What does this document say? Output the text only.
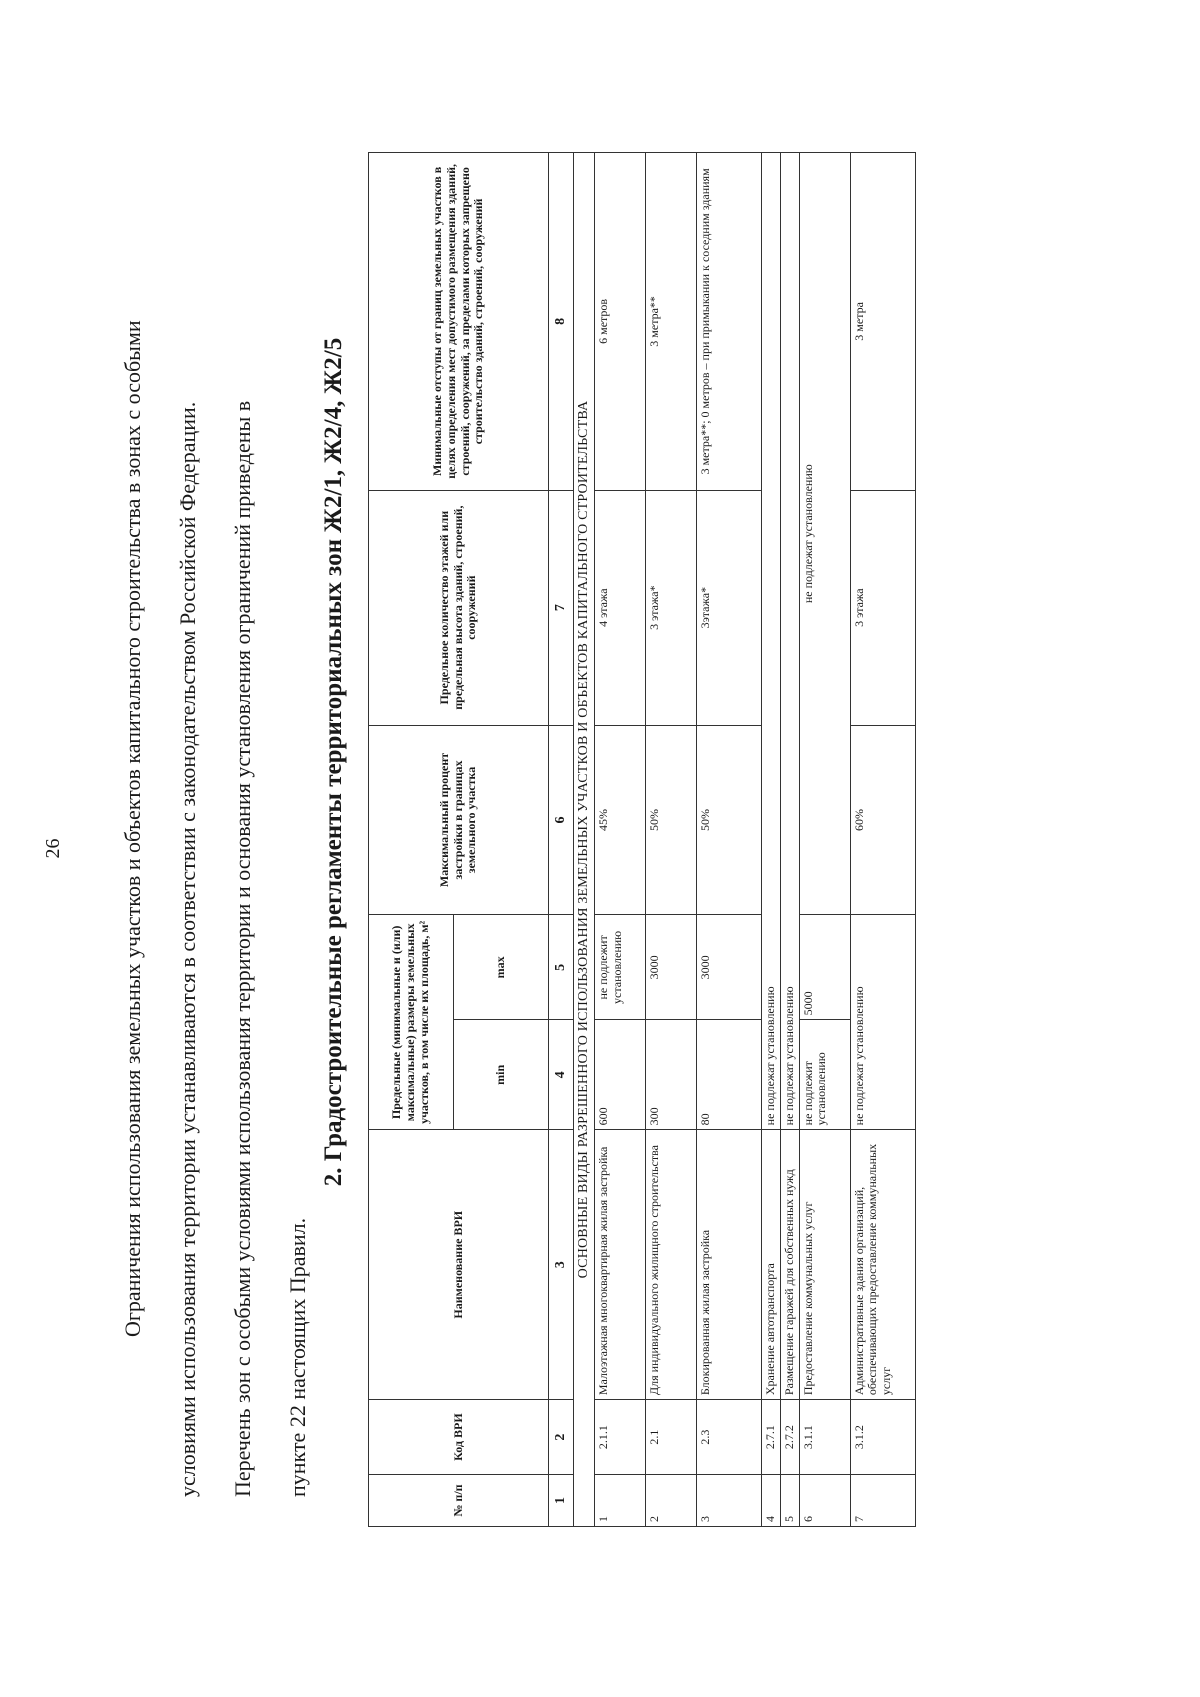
26	Ограничения использования земельных участков и объектов капитального строительства в зонах с особыми	условиями использования территории устанавливаются в соответствии с законодательством Российской Федерации.	Перечень зон с особыми условиями использования территории и основания установления ограничений приведены в	пункте 22 настоящих Правил.
2. Градостроительные регламенты территориальных зон Ж2/1, Ж2/4, Ж2/5
№ п/п	Код ВРИ	Наименование ВРИ	Предельные (минимальные и (или) максимальные) размеры земельных участков, в том числе их площадь, м²		Максимальный процент застройки в границах земельного участка	Предельное количество этажей или предельная высота зданий, строений, сооружений	Минимальные отступы от границ земельных участков в целях определения мест допустимого размещения зданий, строений, сооружений, за пределами которых запрещено строительство зданий, строений, сооружений
			min	max			
1	2	3	4	5	6	7	8
ОСНОВНЫЕ ВИДЫ РАЗРЕШЕННОГО ИСПОЛЬЗОВАНИЯ ЗЕМЕЛЬНЫХ УЧАСТКОВ И ОБЪЕКТОВ КАПИТАЛЬНОГО СТРОИТЕЛЬСТВА							
1	2.1.1	Малоэтажная многоквартирная жилая застройка	600	не подлежит установлению	45%	4 этажа	6 метров
2	2.1	Для индивидуального жилищного строительства	300	3000	50%	3 этажа*	3 метра**
3	2.3	Блокированная жилая застройка	80	3000	50%	3этажа*	3 метра**; 0 метров – при примыкании к соседним зданиям
4	2.7.1	Хранение автотранспорта	не подлежат установлению				
5	2.7.2	Размещение гаражей для собственных нужд	не подлежат установлению				
6	3.1.1	Предоставление коммунальных услуг	не подлежит установлению	5000	не подлежат установлению		
7	3.1.2	Административные здания организаций, обеспечивающих предоставление коммунальных услуг	не подлежат установлению		60%	3 этажа	3 метра
